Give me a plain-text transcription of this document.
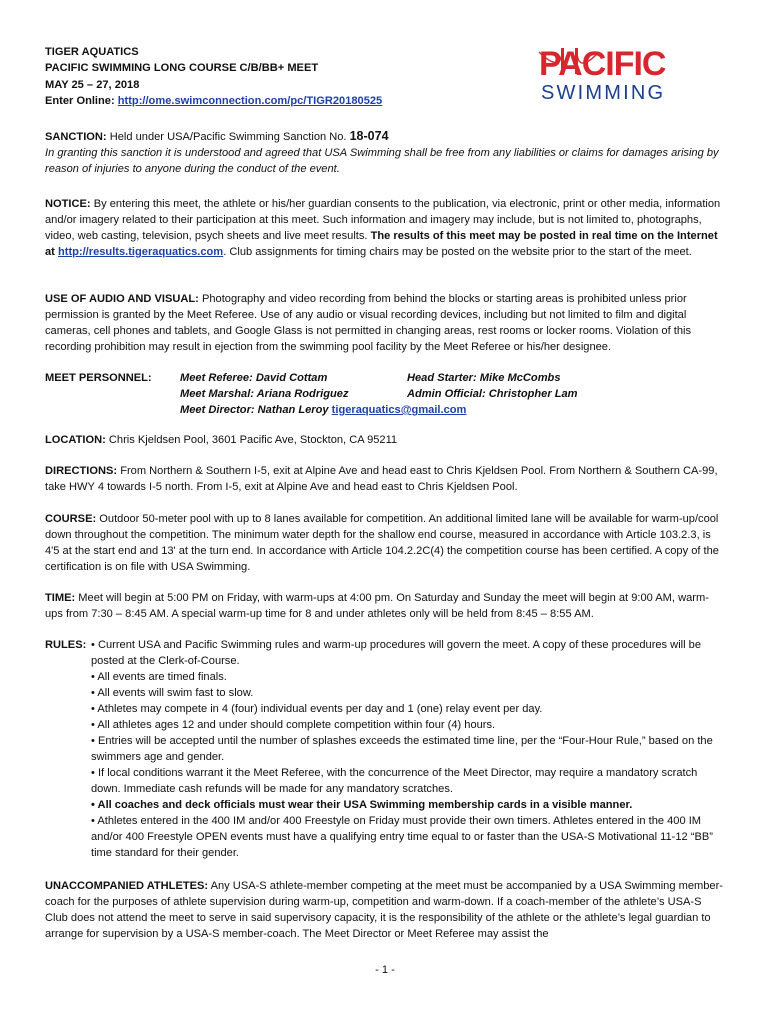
TIGER AQUATICS
PACIFIC SWIMMING LONG COURSE C/B/BB+ MEET
MAY 25 – 27, 2018
Enter Online: http://ome.swimconnection.com/pc/TIGR20180525
PACIFIC
SWIMMING
SANCTION: Held under USA/Pacific Swimming Sanction No. 18-074
In granting this sanction it is understood and agreed that USA Swimming shall be free from any liabilities or claims for damages arising by reason of injuries to anyone during the conduct of the event.
NOTICE: By entering this meet, the athlete or his/her guardian consents to the publication, via electronic, print or other media, information and/or imagery related to their participation at this meet. Such information and imagery may include, but is not limited to, photographs, video, web casting, television, psych sheets and live meet results. The results of this meet may be posted in real time on the Internet at http://results.tigeraquatics.com. Club assignments for timing chairs may be posted on the website prior to the start of the meet.
USE OF AUDIO AND VISUAL: Photography and video recording from behind the blocks or starting areas is prohibited unless prior permission is granted by the Meet Referee. Use of any audio or visual recording devices, including but not limited to film and digital cameras, cell phones and tablets, and Google Glass is not permitted in changing areas, rest rooms or locker rooms. Violation of this recording prohibition may result in ejection from the swimming pool facility by the Meet Referee or his/her designee.
MEET PERSONNEL:	Meet Referee: David Cottam
Meet Marshal: Ariana Rodriguez
Meet Director: Nathan Leroy tigeraquatics@gmail.com
Head Starter: Mike McCombs
Admin Official: Christopher Lam
LOCATION: Chris Kjeldsen Pool, 3601 Pacific Ave, Stockton, CA 95211
DIRECTIONS: From Northern & Southern I-5, exit at Alpine Ave and head east to Chris Kjeldsen Pool. From Northern & Southern CA-99, take HWY 4 towards I-5 north. From I-5, exit at Alpine Ave and head east to Chris Kjeldsen Pool.
COURSE: Outdoor 50-meter pool with up to 8 lanes available for competition. An additional limited lane will be available for warm-up/cool down throughout the competition. The minimum water depth for the shallow end course, measured in accordance with Article 103.2.3, is 4'5 at the start end and 13' at the turn end. In accordance with Article 104.2.2C(4) the competition course has been certified. A copy of the certification is on file with USA Swimming.
TIME: Meet will begin at 5:00 PM on Friday, with warm-ups at 4:00 pm. On Saturday and Sunday the meet will begin at 9:00 AM, warm-ups from 7:30 – 8:45 AM. A special warm-up time for 8 and under athletes only will be held from 8:45 – 8:55 AM.
RULES: • Current USA and Pacific Swimming rules and warm-up procedures will govern the meet. A copy of these procedures will be posted at the Clerk-of-Course.
• All events are timed finals.
• All events will swim fast to slow.
• Athletes may compete in 4 (four) individual events per day and 1 (one) relay event per day.
• All athletes ages 12 and under should complete competition within four (4) hours.
• Entries will be accepted until the number of splashes exceeds the estimated time line, per the “Four-Hour Rule,” based on the swimmers age and gender.
• If local conditions warrant it the Meet Referee, with the concurrence of the Meet Director, may require a mandatory scratch down. Immediate cash refunds will be made for any mandatory scratches.
• All coaches and deck officials must wear their USA Swimming membership cards in a visible manner.
• Athletes entered in the 400 IM and/or 400 Freestyle on Friday must provide their own timers. Athletes entered in the 400 IM and/or 400 Freestyle OPEN events must have a qualifying entry time equal to or faster than the USA-S Motivational 11-12 “BB” time standard for their gender.
UNACCOMPANIED ATHLETES: Any USA-S athlete-member competing at the meet must be accompanied by a USA Swimming member-coach for the purposes of athlete supervision during warm-up, competition and warm-down. If a coach-member of the athlete’s USA-S Club does not attend the meet to serve in said supervisory capacity, it is the responsibility of the athlete or the athlete’s legal guardian to arrange for supervision by a USA-S member-coach. The Meet Director or Meet Referee may assist the
- 1 -
